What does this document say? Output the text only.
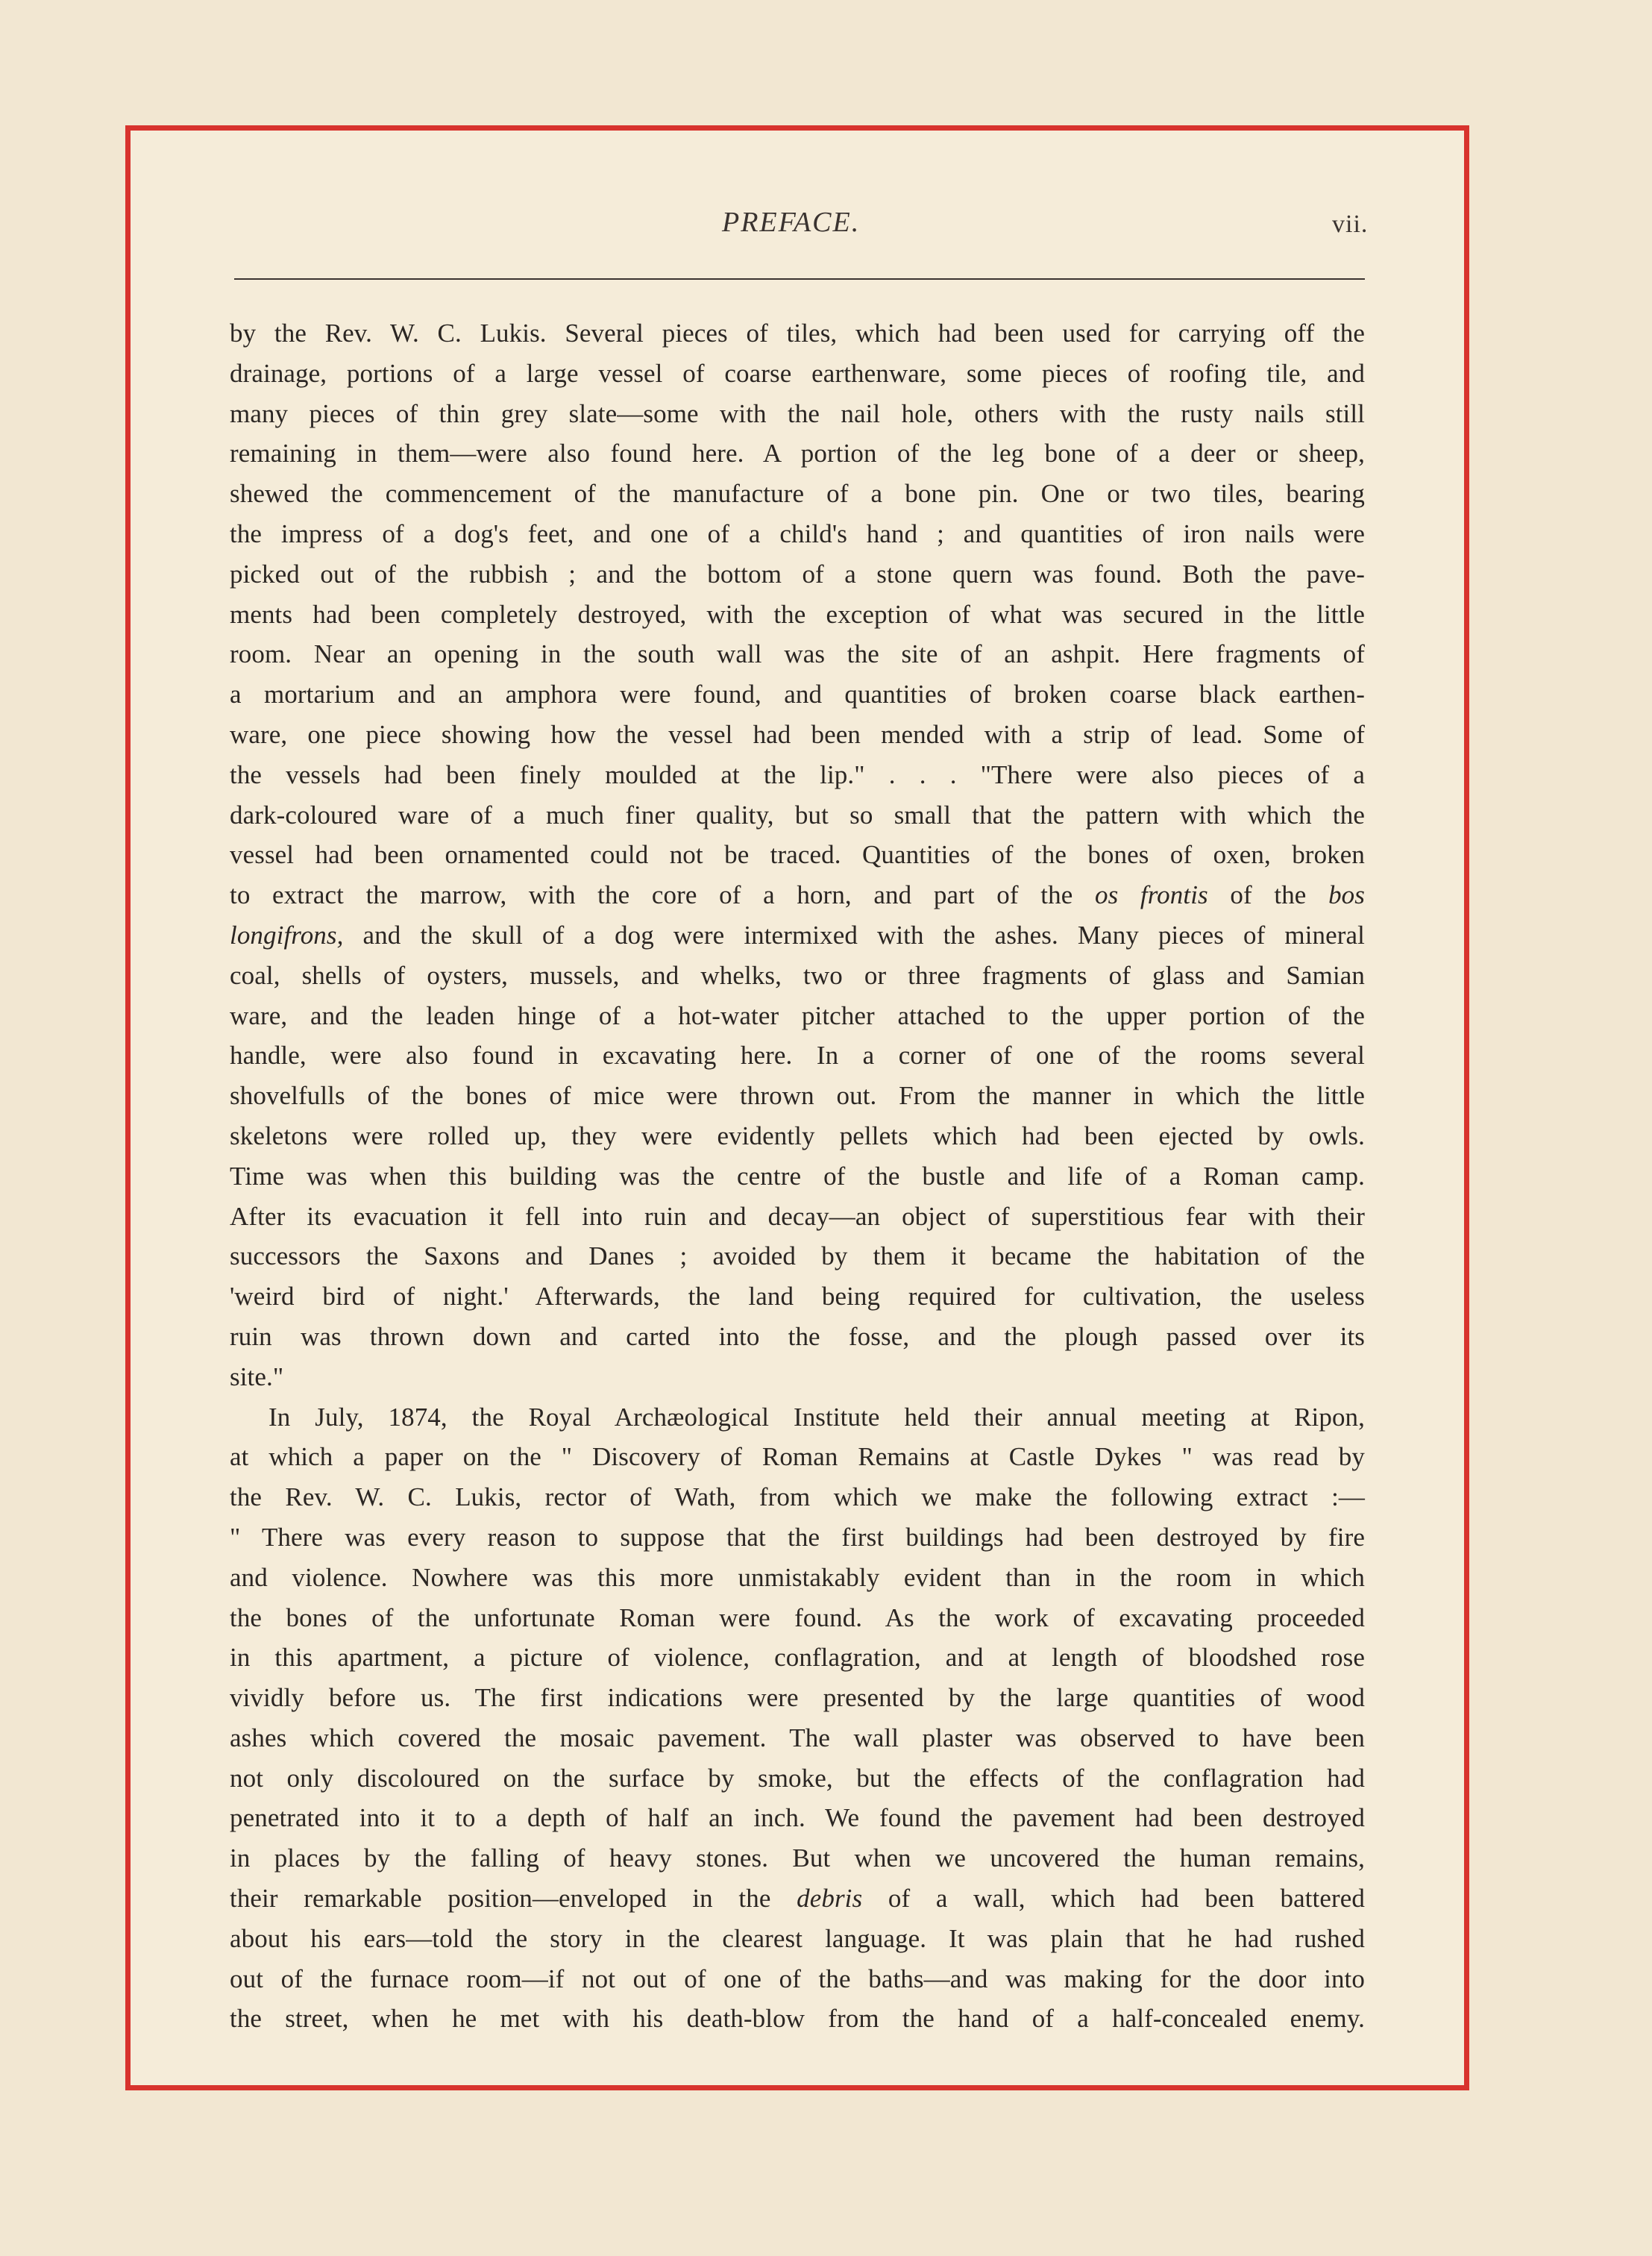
PREFACE.	vii.
by the Rev. W. C. Lukis. Several pieces of tiles, which had been used for carrying off the
drainage, portions of a large vessel of coarse earthenware, some pieces of roofing tile, and
many pieces of thin grey slate—some with the nail hole, others with the rusty nails still
remaining in them—were also found here. A portion of the leg bone of a deer or sheep,
shewed the commencement of the manufacture of a bone pin. One or two tiles, bearing
the impress of a dog's feet, and one of a child's hand ; and quantities of iron nails were
picked out of the rubbish ; and the bottom of a stone quern was found. Both the pave-
ments had been completely destroyed, with the exception of what was secured in the little
room. Near an opening in the south wall was the site of an ashpit. Here fragments of
a mortarium and an amphora were found, and quantities of broken coarse black earthen-
ware, one piece showing how the vessel had been mended with a strip of lead. Some of
the vessels had been finely moulded at the lip." . . . "There were also pieces of a
dark-coloured ware of a much finer quality, but so small that the pattern with which the
vessel had been ornamented could not be traced. Quantities of the bones of oxen, broken
to extract the marrow, with the core of a horn, and part of the os frontis of the bos
longifrons, and the skull of a dog were intermixed with the ashes. Many pieces of mineral
coal, shells of oysters, mussels, and whelks, two or three fragments of glass and Samian
ware, and the leaden hinge of a hot-water pitcher attached to the upper portion of the
handle, were also found in excavating here. In a corner of one of the rooms several
shovelfulls of the bones of mice were thrown out. From the manner in which the little
skeletons were rolled up, they were evidently pellets which had been ejected by owls.
Time was when this building was the centre of the bustle and life of a Roman camp.
After its evacuation it fell into ruin and decay—an object of superstitious fear with their
successors the Saxons and Danes ; avoided by them it became the habitation of the
'weird bird of night.' Afterwards, the land being required for cultivation, the useless
ruin was thrown down and carted into the fosse, and the plough passed over its
site."
In July, 1874, the Royal Archæological Institute held their annual meeting at Ripon,
at which a paper on the " Discovery of Roman Remains at Castle Dykes " was read by
the Rev. W. C. Lukis, rector of Wath, from which we make the following extract :—
" There was every reason to suppose that the first buildings had been destroyed by fire
and violence. Nowhere was this more unmistakably evident than in the room in which
the bones of the unfortunate Roman were found. As the work of excavating proceeded
in this apartment, a picture of violence, conflagration, and at length of bloodshed rose
vividly before us. The first indications were presented by the large quantities of wood
ashes which covered the mosaic pavement. The wall plaster was observed to have been
not only discoloured on the surface by smoke, but the effects of the conflagration had
penetrated into it to a depth of half an inch. We found the pavement had been destroyed
in places by the falling of heavy stones. But when we uncovered the human remains,
their remarkable position—enveloped in the debris of a wall, which had been battered
about his ears—told the story in the clearest language. It was plain that he had rushed
out of the furnace room—if not out of one of the baths—and was making for the door into
the street, when he met with his death-blow from the hand of a half-concealed enemy.
